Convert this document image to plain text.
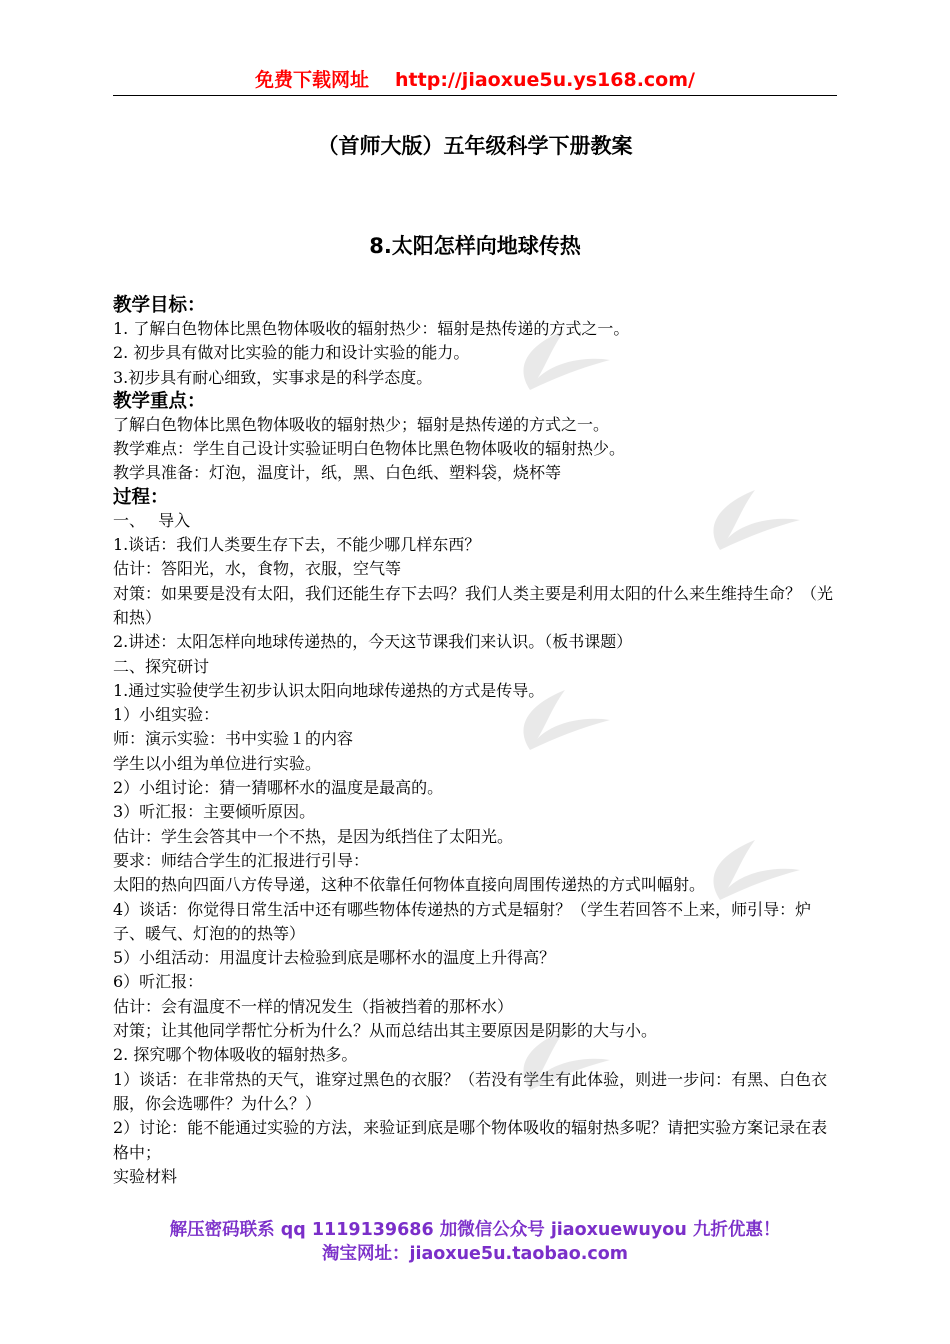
免费下载网址 http://jiaoxue5u.ys168.com/
（首师大版）五年级科学下册教案
8.太阳怎样向地球传热
教学目标：
1. 了解白色物体比黑色物体吸收的辐射热少：辐射是热传递的方式之一。
2. 初步具有做对比实验的能力和设计实验的能力。
3.初步具有耐心细致，实事求是的科学态度。
教学重点：
了解白色物体比黑色物体吸收的辐射热少；辐射是热传递的方式之一。
教学难点：学生自己设计实验证明白色物体比黑色物体吸收的辐射热少。
教学具准备：灯泡，温度计，纸，黑、白色纸、塑料袋，烧杯等
过程：
一、　 导入
1.谈话：我们人类要生存下去，不能少哪几样东西？
估计：答阳光，水，食物，衣服，空气等
对策：如果要是没有太阳，我们还能生存下去吗？我们人类主要是利用太阳的什么来生维持生命？（光和热）
2.讲述：太阳怎样向地球传递热的，今天这节课我们来认识。（板书课题）
二、探究研讨
1.通过实验使学生初步认识太阳向地球传递热的方式是传导。
1）小组实验：
师：演示实验：书中实验１的内容
学生以小组为单位进行实验。
2）小组讨论：猜一猜哪杯水的温度是最高的。
3）听汇报：主要倾听原因。
估计：学生会答其中一个不热，是因为纸挡住了太阳光。
要求：师结合学生的汇报进行引导：
太阳的热向四面八方传导递，这种不依靠任何物体直接向周围传递热的方式叫幅射。
4）谈话：你觉得日常生活中还有哪些物体传递热的方式是辐射？（学生若回答不上来，师引导：炉子、暖气、灯泡的的热等）
5）小组活动：用温度计去检验到底是哪杯水的温度上升得高？
6）听汇报：
估计：会有温度不一样的情况发生（指被挡着的那杯水）
对策；让其他同学帮忙分析为什么？从而总结出其主要原因是阴影的大与小。
2. 探究哪个物体吸收的辐射热多。
1）谈话：在非常热的天气，谁穿过黑色的衣服？（若没有学生有此体验，则进一步问：有黑、白色衣服，你会选哪件？为什么？）
2）讨论：能不能通过实验的方法，来验证到底是哪个物体吸收的辐射热多呢？请把实验方案记录在表格中；
实验材料
解压密码联系 qq 1119139686 加微信公众号 jiaoxuewuyou 九折优惠！
淘宝网址：jiaoxue5u.taobao.com
